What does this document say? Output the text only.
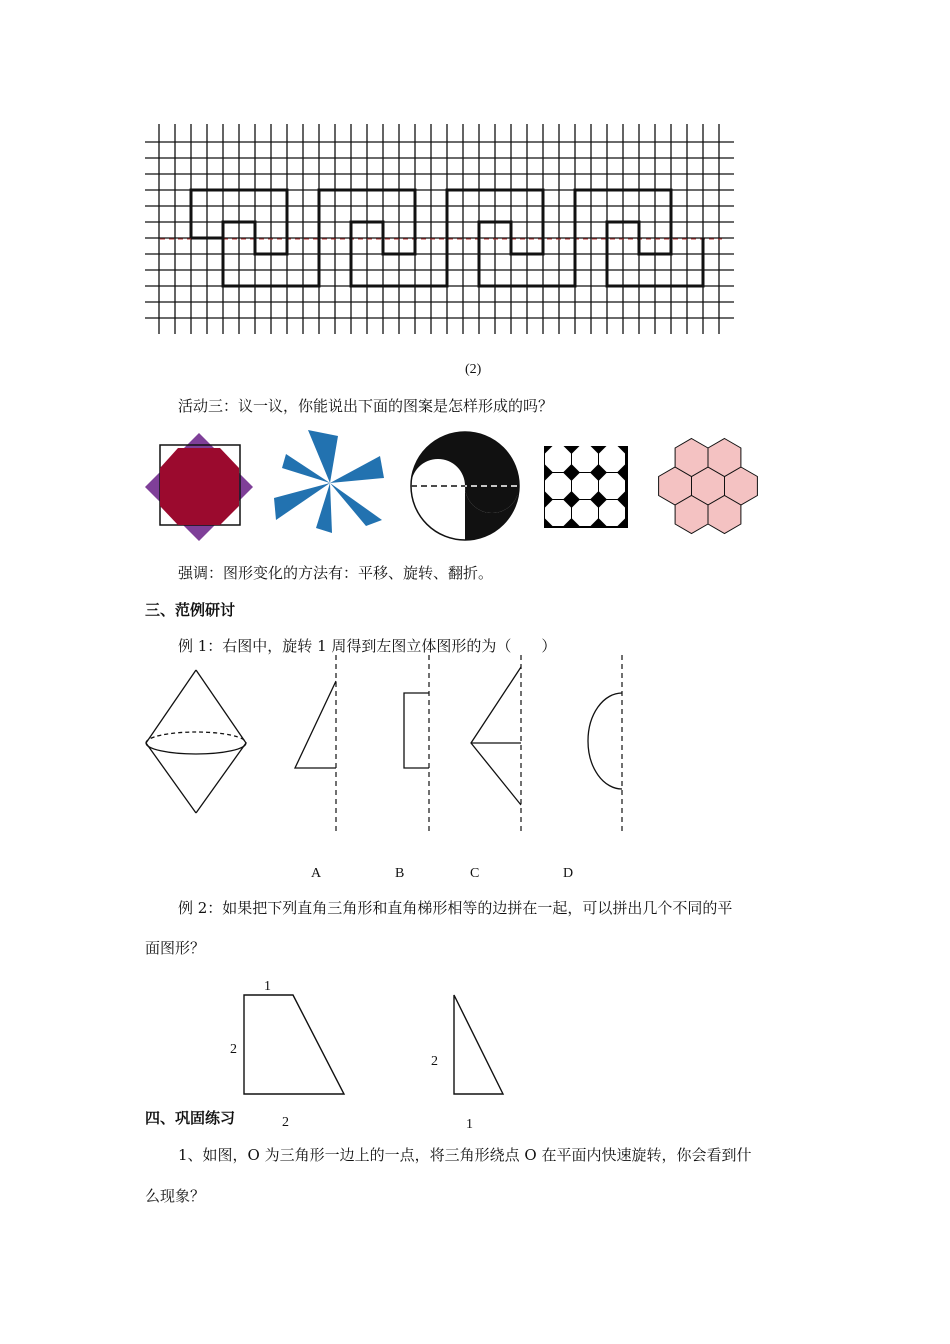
(2)
活动三：议一议，你能说出下面的图案是怎样形成的吗？
强调：图形变化的方法有：平移、旋转、翻折。
三、范例研讨
例 1：右图中，旋转 1 周得到左图立体图形的为（　　）
A	B	C	D
例 2：如果把下列直角三角形和直角梯形相等的边拼在一起，可以拼出几个不同的平
面图形？
1
2
2
2
1
四、巩固练习
1、如图，O 为三角形一边上的一点，将三角形绕点 O 在平面内快速旋转，你会看到什
么现象？
